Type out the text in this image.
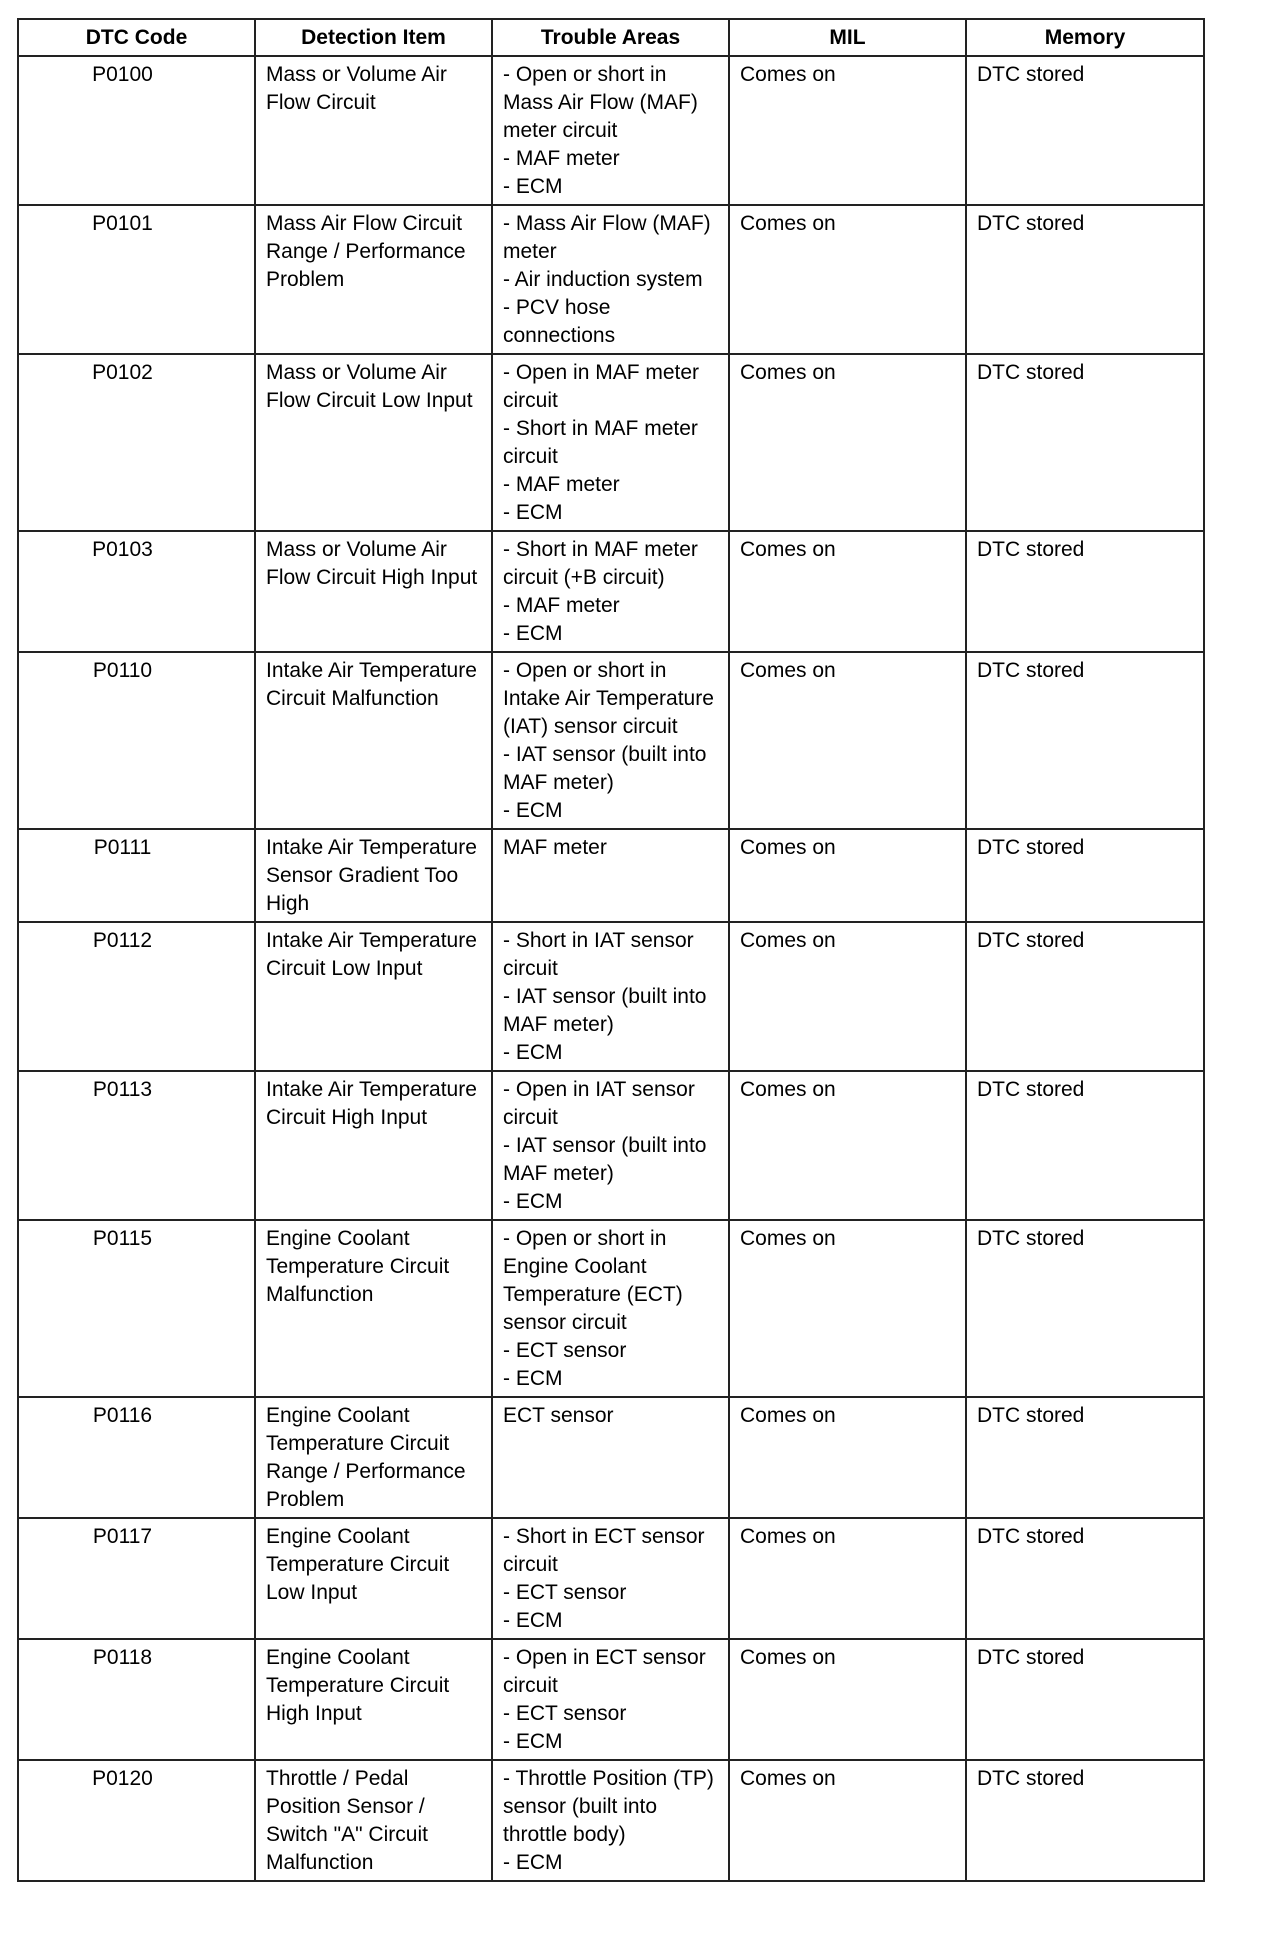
DTC Code	Detection Item	Trouble Areas	MIL	Memory
P0100	Mass or Volume Air Flow Circuit	- Open or short in Mass Air Flow (MAF) meter circuit
- MAF meter
- ECM	Comes on	DTC stored
P0101	Mass Air Flow Circuit Range / Performance Problem	- Mass Air Flow (MAF) meter
- Air induction system
- PCV hose connections	Comes on	DTC stored
P0102	Mass or Volume Air Flow Circuit Low Input	- Open in MAF meter circuit
- Short in MAF meter circuit
- MAF meter
- ECM	Comes on	DTC stored
P0103	Mass or Volume Air Flow Circuit High Input	- Short in MAF meter circuit (+B circuit)
- MAF meter
- ECM	Comes on	DTC stored
P0110	Intake Air Temperature Circuit Malfunction	- Open or short in Intake Air Temperature (IAT) sensor circuit
- IAT sensor (built into MAF meter)
- ECM	Comes on	DTC stored
P0111	Intake Air Temperature Sensor Gradient Too High	MAF meter	Comes on	DTC stored
P0112	Intake Air Temperature Circuit Low Input	- Short in IAT sensor circuit
- IAT sensor (built into MAF meter)
- ECM	Comes on	DTC stored
P0113	Intake Air Temperature Circuit High Input	- Open in IAT sensor circuit
- IAT sensor (built into MAF meter)
- ECM	Comes on	DTC stored
P0115	Engine Coolant Temperature Circuit Malfunction	- Open or short in Engine Coolant Temperature (ECT) sensor circuit
- ECT sensor
- ECM	Comes on	DTC stored
P0116	Engine Coolant Temperature Circuit Range / Performance Problem	ECT sensor	Comes on	DTC stored
P0117	Engine Coolant Temperature Circuit Low Input	- Short in ECT sensor circuit
- ECT sensor
- ECM	Comes on	DTC stored
P0118	Engine Coolant Temperature Circuit High Input	- Open in ECT sensor circuit
- ECT sensor
- ECM	Comes on	DTC stored
P0120	Throttle / Pedal Position Sensor / Switch "A" Circuit Malfunction	- Throttle Position (TP) sensor (built into throttle body)
- ECM	Comes on	DTC stored
